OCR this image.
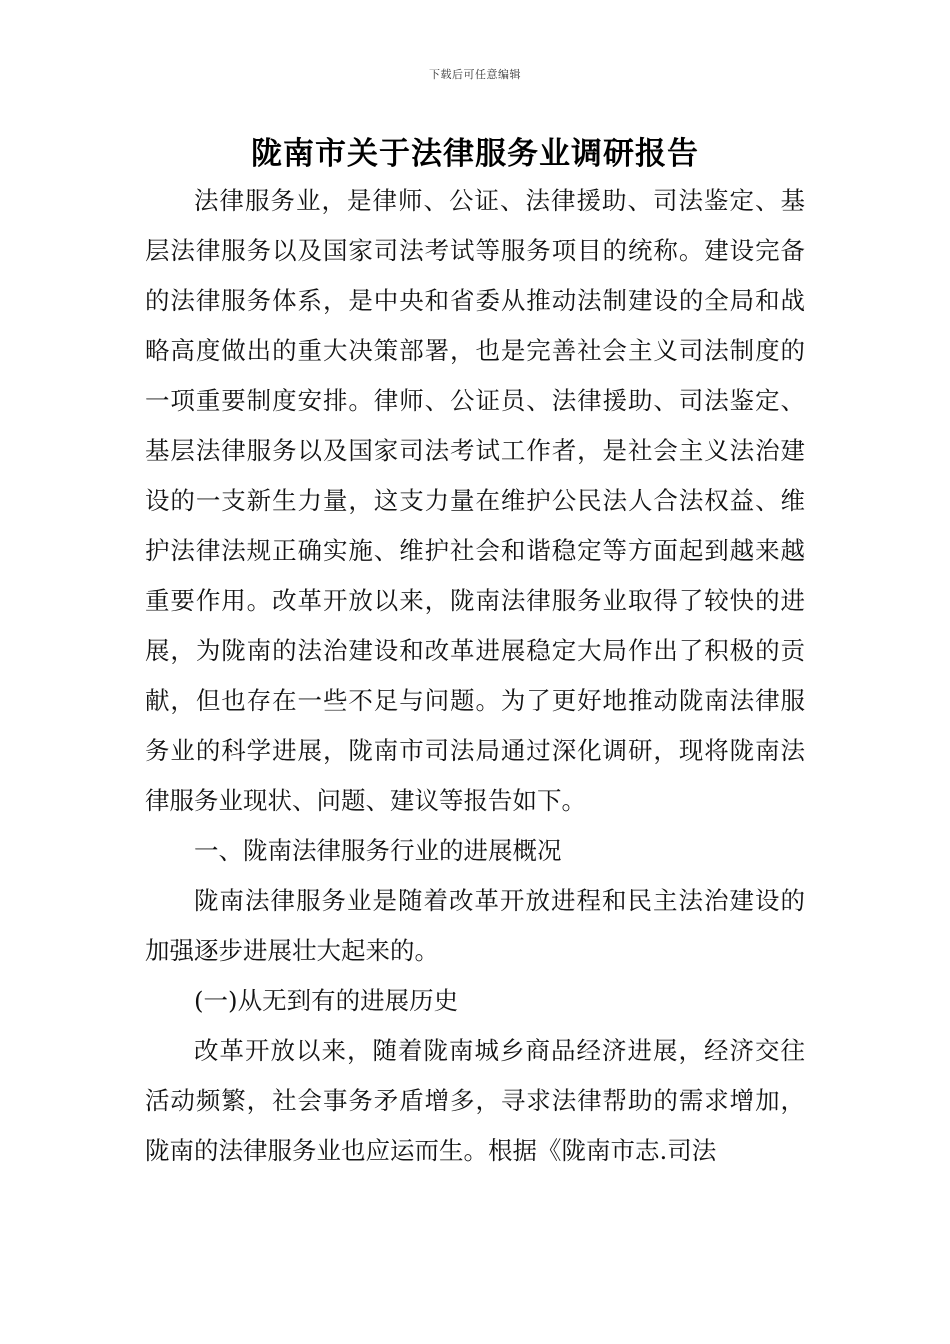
下载后可任意编辑
陇南市关于法律服务业调研报告

法律服务业，是律师、公证、法律援助、司法鉴定、基层法律服务以及国家司法考试等服务项目的统称。建设完备的法律服务体系，是中央和省委从推动法制建设的全局和战略高度做出的重大决策部署，也是完善社会主义司法制度的一项重要制度安排。律师、公证员、法律援助、司法鉴定、基层法律服务以及国家司法考试工作者，是社会主义法治建设的一支新生力量，这支力量在维护公民法人合法权益、维护法律法规正确实施、维护社会和谐稳定等方面起到越来越重要作用。改革开放以来，陇南法律服务业取得了较快的进展，为陇南的法治建设和改革进展稳定大局作出了积极的贡献，但也存在一些不足与问题。为了更好地推动陇南法律服务业的科学进展，陇南市司法局通过深化调研，现将陇南法律服务业现状、问题、建议等报告如下。

一、陇南法律服务行业的进展概况

陇南法律服务业是随着改革开放进程和民主法治建设的加强逐步进展壮大起来的。

(一)从无到有的进展历史

改革开放以来，随着陇南城乡商品经济进展，经济交往活动频繁，社会事务矛盾增多，寻求法律帮助的需求增加，陇南的法律服务业也应运而生。根据《陇南市志.司法
